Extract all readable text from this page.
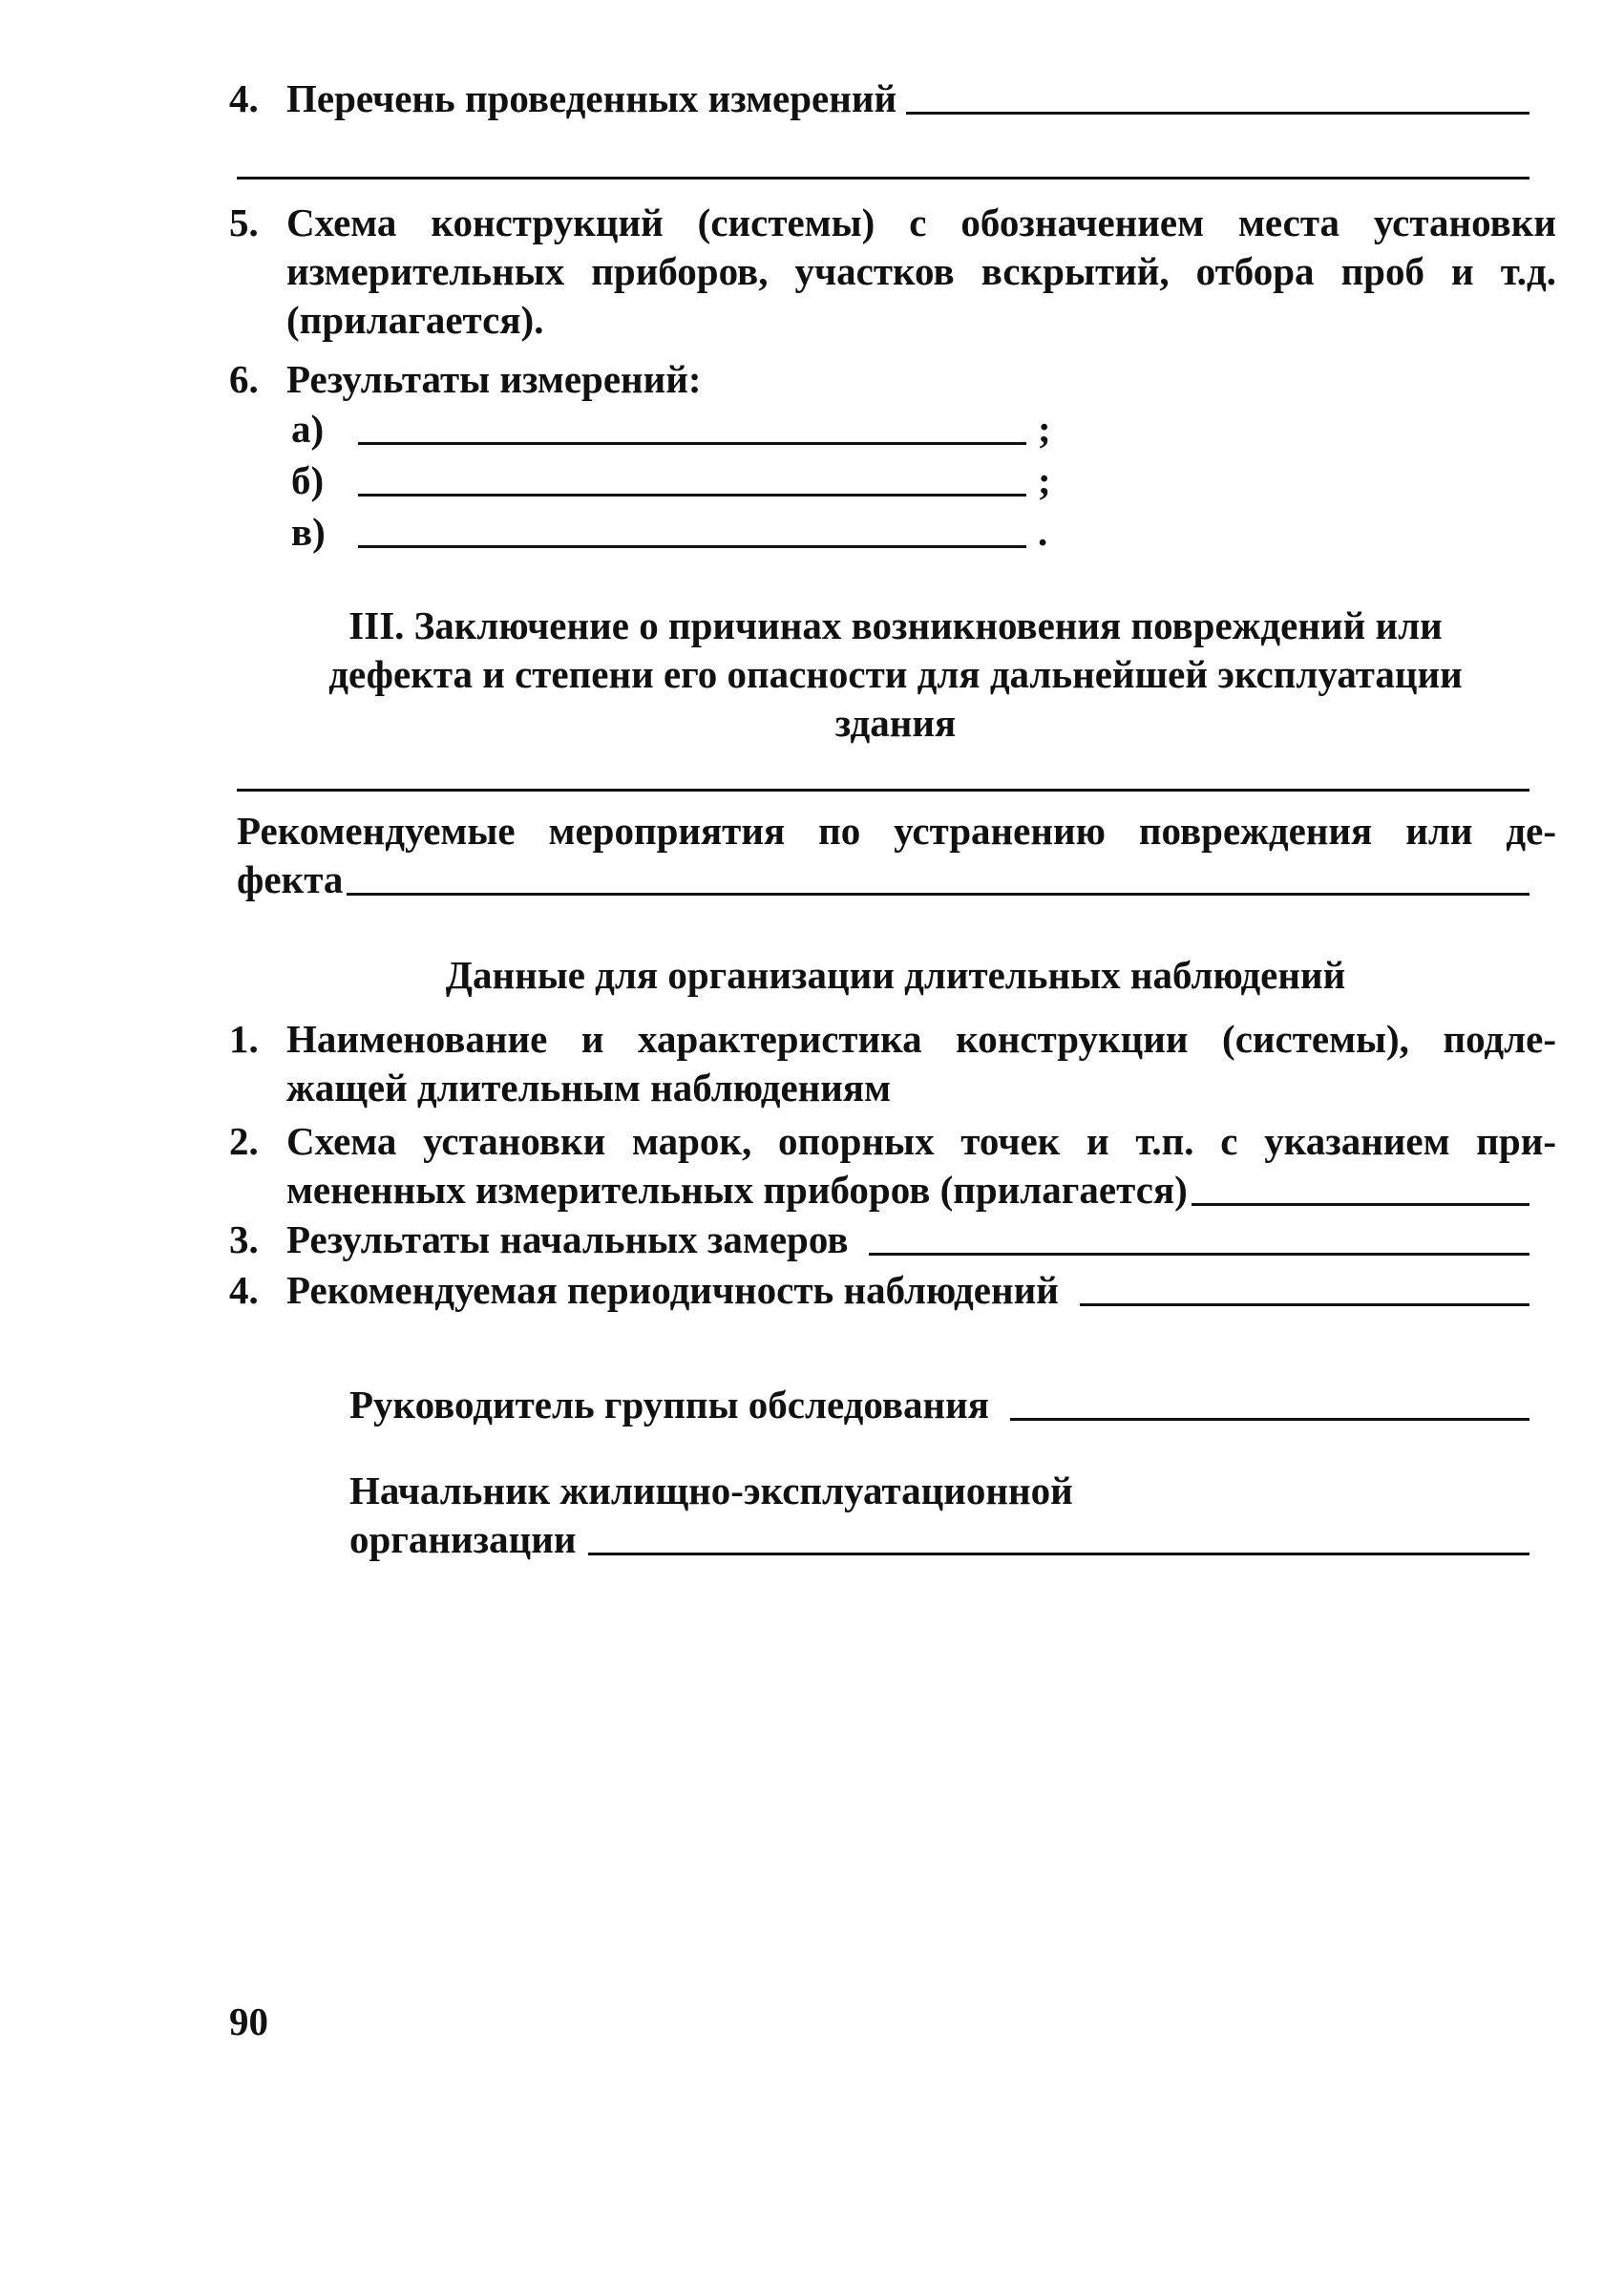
4. Перечень проведенных измерений
5. Схема конструкций (системы) с обозначением места установки
измерительных приборов, участков вскрытий, отбора проб и т.д.
(прилагается).
6. Результаты измерений:
а)	;
б)	;
в)	.
III. Заключение о причинах возникновения повреждений или
дефекта и степени его опасности для дальнейшей эксплуатации
здания
Рекомендуемые мероприятия по устранению повреждения или де-
фекта
Данные для организации длительных наблюдений
1. Наименование и характеристика конструкции (системы), подле-
жащей длительным наблюдениям
2. Схема установки марок, опорных точек и т.п. с указанием при-
мененных измерительных приборов (прилагается)
3. Результаты начальных замеров
4. Рекомендуемая периодичность наблюдений
Руководитель группы обследования
Начальник жилищно-эксплуатационной
организации
90
